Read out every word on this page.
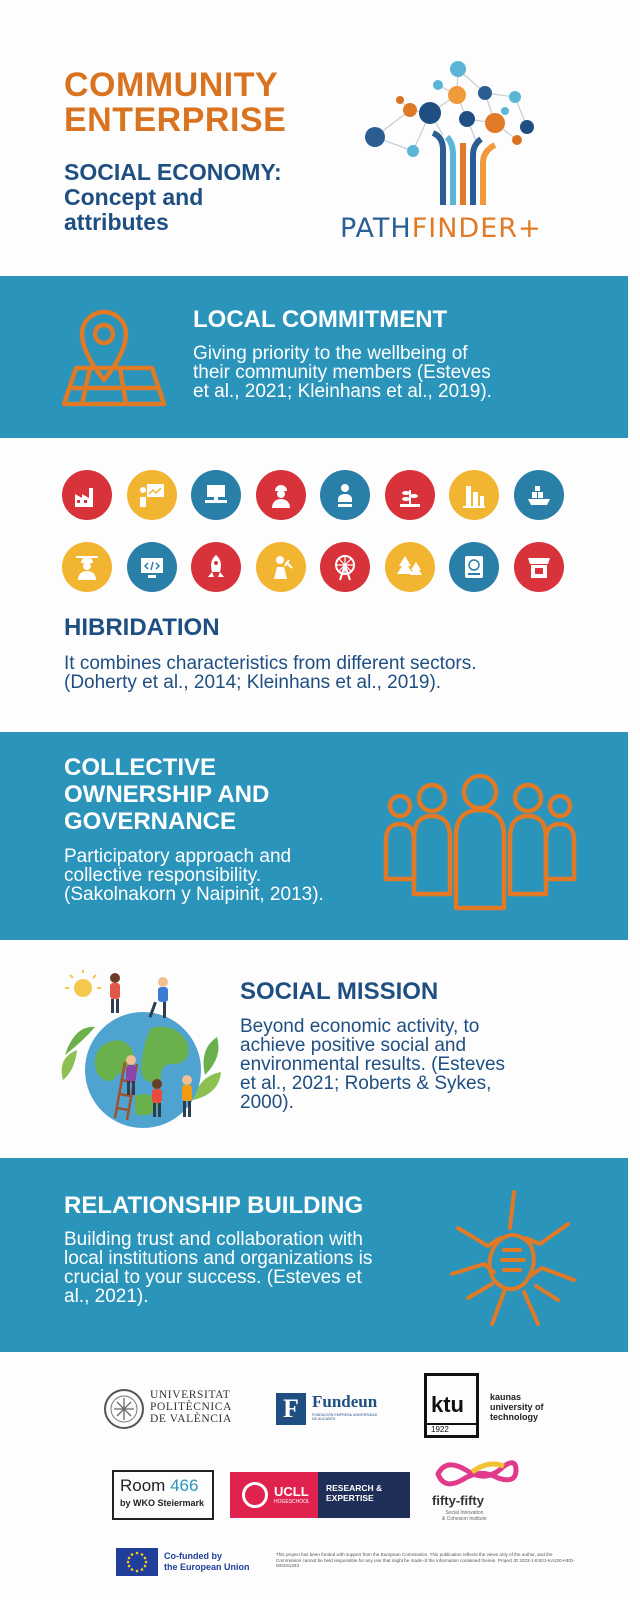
COMMUNITY
ENTERPRISE
SOCIAL ECONOMY:
Concept and
attributes	PATHFINDER+
LOCAL COMMITMENT
Giving priority to the wellbeing of
their community members (Esteves
et al., 2021; Kleinhans et al., 2019).
HIBRIDATION
It combines characteristics from different sectors.
(Doherty et al., 2014; Kleinhans et al., 2019).
COLLECTIVE
OWNERSHIP AND
GOVERNANCE
Participatory approach and
collective responsibility.
(Sakolnakorn y Naipinit, 2013).
SOCIAL MISSION
Beyond economic activity, to
achieve positive social and
environmental results. (Esteves
et al., 2021; Roberts & Sykes,
2000).
RELATIONSHIP BUILDING
Building trust and collaboration with
local institutions and organizations is
crucial to your success. (Esteves et
al., 2021).
UNIVERSITAT
POLITÈCNICA
DE VALÈNCIA F Fundeun
FUNDACIÓN EMPRESA UNIVERSIDAD DE ALICANTE
ktu
1922
kaunas
university of
technology
Room 466
by WKO Steiermark
UCLL
HOGESCHOOL
RESEARCH &
EXPERTISE	fifty-fifty
Social Innovation
& Cohesion Institute
Co-funded by
the European Union
This project has been funded with support from the European Commission. This publication reflects the views only of the author, and the Commission cannot be held responsible for any use that might be made of the information contained therein. Project ID 2023-1-ES01-KA220-HED-000161343
